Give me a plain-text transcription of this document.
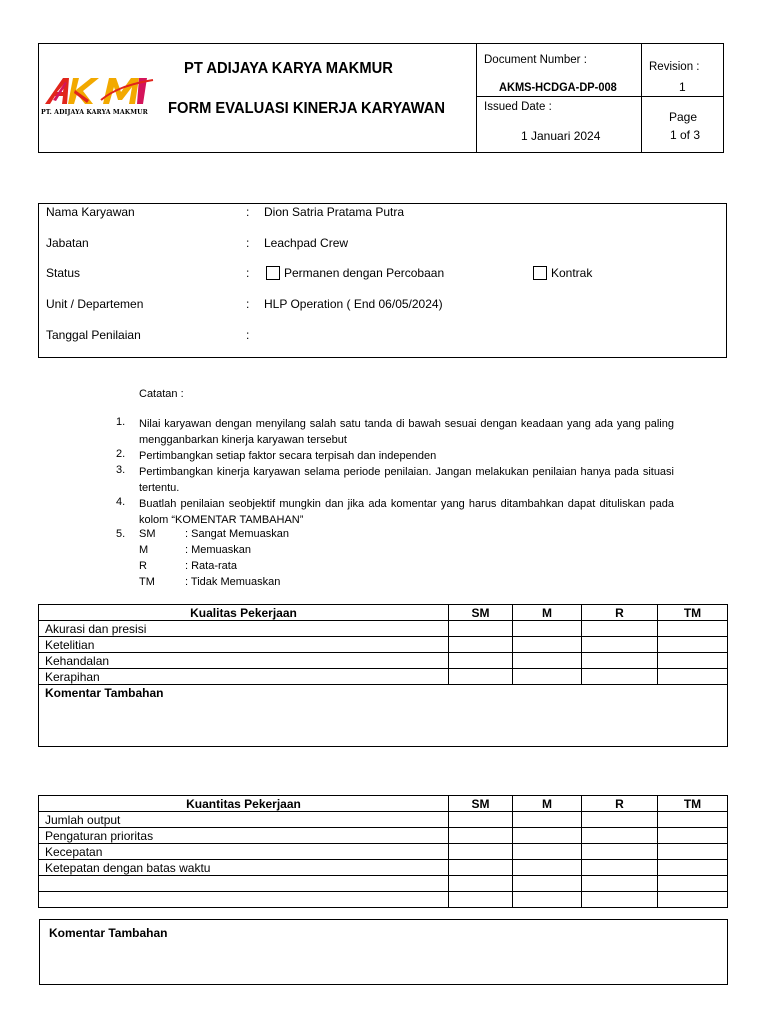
PT. ADIJAYA KARYA MAKMUR
PT ADIJAYA KARYA MAKMUR
FORM EVALUASI KINERJA KARYAWAN
Document Number :
AKMS-HCDGA-DP-008
Issued Date :
1 Januari 2024
Revision :
1
Page
1 of 3
Nama Karyawan	: Dion Satria Pratama Putra
Jabatan	: Leachpad Crew
Status	:	Permanen dengan Percobaan	Kontrak
Unit / Departemen	: HLP Operation ( End 06/05/2024)
Tanggal Penilaian	:
Catatan :
1. Nilai karyawan dengan menyilang salah satu tanda di bawah sesuai dengan keadaan yang ada yang paling mengganbarkan kinerja karyawan tersebut
2. Pertimbangkan setiap faktor secara terpisah dan independen
3. Pertimbangkan kinerja karyawan selama periode penilaian. Jangan melakukan penilaian hanya pada situasi tertentu.
4. Buatlah penilaian seobjektif mungkin dan jika ada komentar yang harus ditambahkan dapat dituliskan pada kolom “KOMENTAR TAMBAHAN”
5. SM	: Sangat Memuaskan
M	: Memuaskan
R	: Rata-rata
TM	: Tidak Memuaskan
Kualitas Pekerjaan	SM	M	R	TM
Akurasi dan presisi				
Ketelitian				
Kehandalan				
Kerapihan				
Komentar Tambahan				
Kuantitas Pekerjaan	SM	M	R	TM
Jumlah output				
Pengaturan prioritas				
Kecepatan				
Ketepatan dengan batas waktu				

Komentar Tambahan
